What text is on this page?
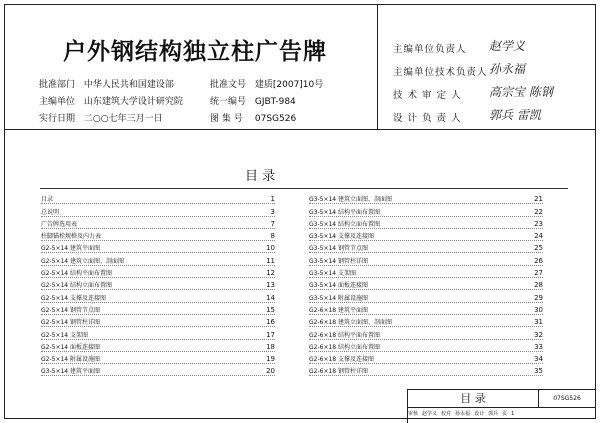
户外钢结构独立柱广告牌
批准部门 中华人民共和国建设部	批准文号 建质[2007]10号
主编单位 山东建筑大学设计研究院	统一编号 GJBT-984
实行日期 二○○七年三月一日	图 集 号 07SG526
主编单位负责人 赵学义
主编单位技术负责人 孙永福
技 术 审 定 人 高宗宝 陈钢
设 计 负 责 人 郭兵 雷凯
目 录
目录	1
总说明	3
广告牌选用表	7
柱脚锚栓规格及内力表	8
G2-5×14 建筑平面图	10
G2-5×14 建筑立面图、剖面图	11
G2-5×14 结构平面布置图	12
G2-5×14 结构立面布置图	13
G2-5×14 支撑及连接图	14
G2-5×14 钢管节点图	15
G2-5×14 钢管柱详图	16
G2-5×14 支架图	17
G2-5×14 面板连接图	18
G2-5×14 附属设施图	19
G3-5×14 建筑平面图	20
G3-5×14 建筑立面图、剖面图	21
G3-5×14 结构平面布置图	22
G3-5×14 结构立面布置图	23
G3-5×14 支撑及连接图	24
G3-5×14 钢管节点图	25
G3-5×14 钢管柱详图	26
G3-5×14 支架图	27
G3-5×14 面板连接图	28
G3-5×14 附属设施图	29
G2-6×18 建筑平面图	30
G2-6×18 建筑立面图、剖面图	31
G2-6×18 结构平面布置图	32
G2-6×18 结构立面布置图	33
G2-6×18 支撑及连接图	34
G2-6×18 钢管柱详图	35
目 录	07SG526
审核 赵学义 校对 孙永福 设计 郭兵 页 1
